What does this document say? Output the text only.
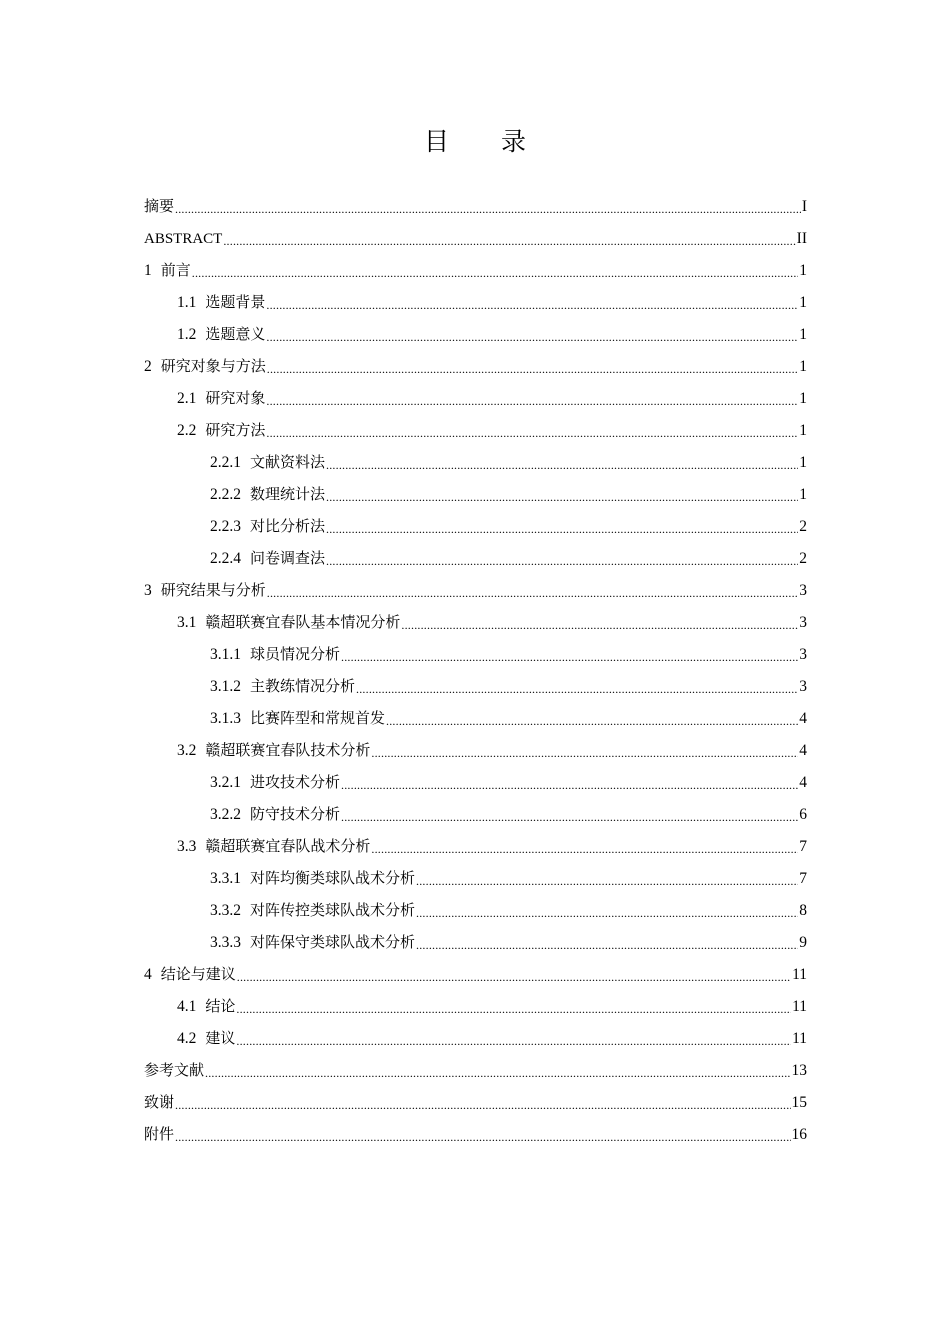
目 录
摘要 .....	I
ABSTRACT .....	II
1 前言 .....	1
1.1 选题背景 .....	1
1.2 选题意义 .....	1
2 研究对象与方法 .....	1
2.1 研究对象 .....	1
2.2 研究方法 .....	1
2.2.1 文献资料法 .....	1
2.2.2 数理统计法 .....	1
2.2.3 对比分析法 .....	2
2.2.4 问卷调查法 .....	2
3 研究结果与分析 .....	3
3.1 赣超联赛宜春队基本情况分析 .....	3
3.1.1 球员情况分析 .....	3
3.1.2 主教练情况分析 .....	3
3.1.3 比赛阵型和常规首发 .....	4
3.2 赣超联赛宜春队技术分析 .....	4
3.2.1 进攻技术分析 .....	4
3.2.2 防守技术分析 .....	6
3.3 赣超联赛宜春队战术分析 .....	7
3.3.1 对阵均衡类球队战术分析 .....	7
3.3.2 对阵传控类球队战术分析 .....	8
3.3.3 对阵保守类球队战术分析 .....	9
4 结论与建议 .....	11
4.1 结论 .....	11
4.2 建议 .....	11
参考文献 .....	13
致谢 .....	15
附件 .....	16
